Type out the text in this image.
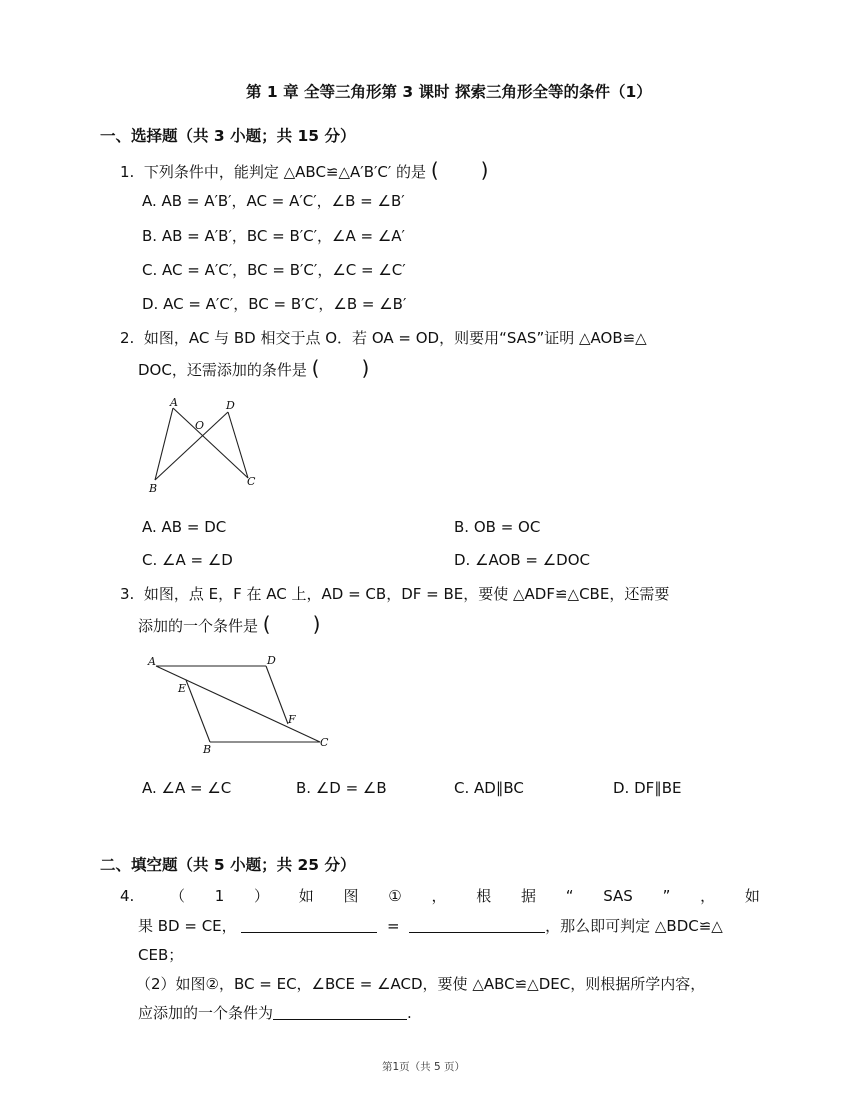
第 1 章 全等三角形第 3 课时 探索三角形全等的条件（1）
一、选择题（共 3 小题；共 15 分）
1. 下列条件中，能判定 △ABC≌△A′B′C′ 的是 ( )
A. AB = A′B′，AC = A′C′，∠B = ∠B′
B. AB = A′B′，BC = B′C′，∠A = ∠A′
C. AC = A′C′，BC = B′C′，∠C = ∠C′
D. AC = A′C′，BC = B′C′，∠B = ∠B′
2. 如图，AC 与 BD 相交于点 O．若 OA = OD，则要用“SAS”证明 △AOB≌△
DOC，还需添加的条件是 ( )
A
O
D
B
C
A. AB = DC	B. OB = OC
C. ∠A = ∠D	D. ∠AOB = ∠DOC
3. 如图，点 E，F 在 AC 上，AD = CB，DF = BE，要使 △ADF≌△CBE，还需要
添加的一个条件是 ( )
A	D
E
F
B
C
A. ∠A = ∠C	B. ∠D = ∠B	C. AD∥BC	D. DF∥BE
二、填空题（共 5 小题；共 25 分）
4. （ 1 ） 如 图 ① ， 根 据 “ SAS ” ， 如
果 BD = CE，	=	，那么即可判定 △BDC≌△
CEB；
（2）如图②，BC = EC，∠BCE = ∠ACD，要使 △ABC≌△DEC，则根据所学内容，
应添加的一个条件为	.
第1页（共 5 页）
